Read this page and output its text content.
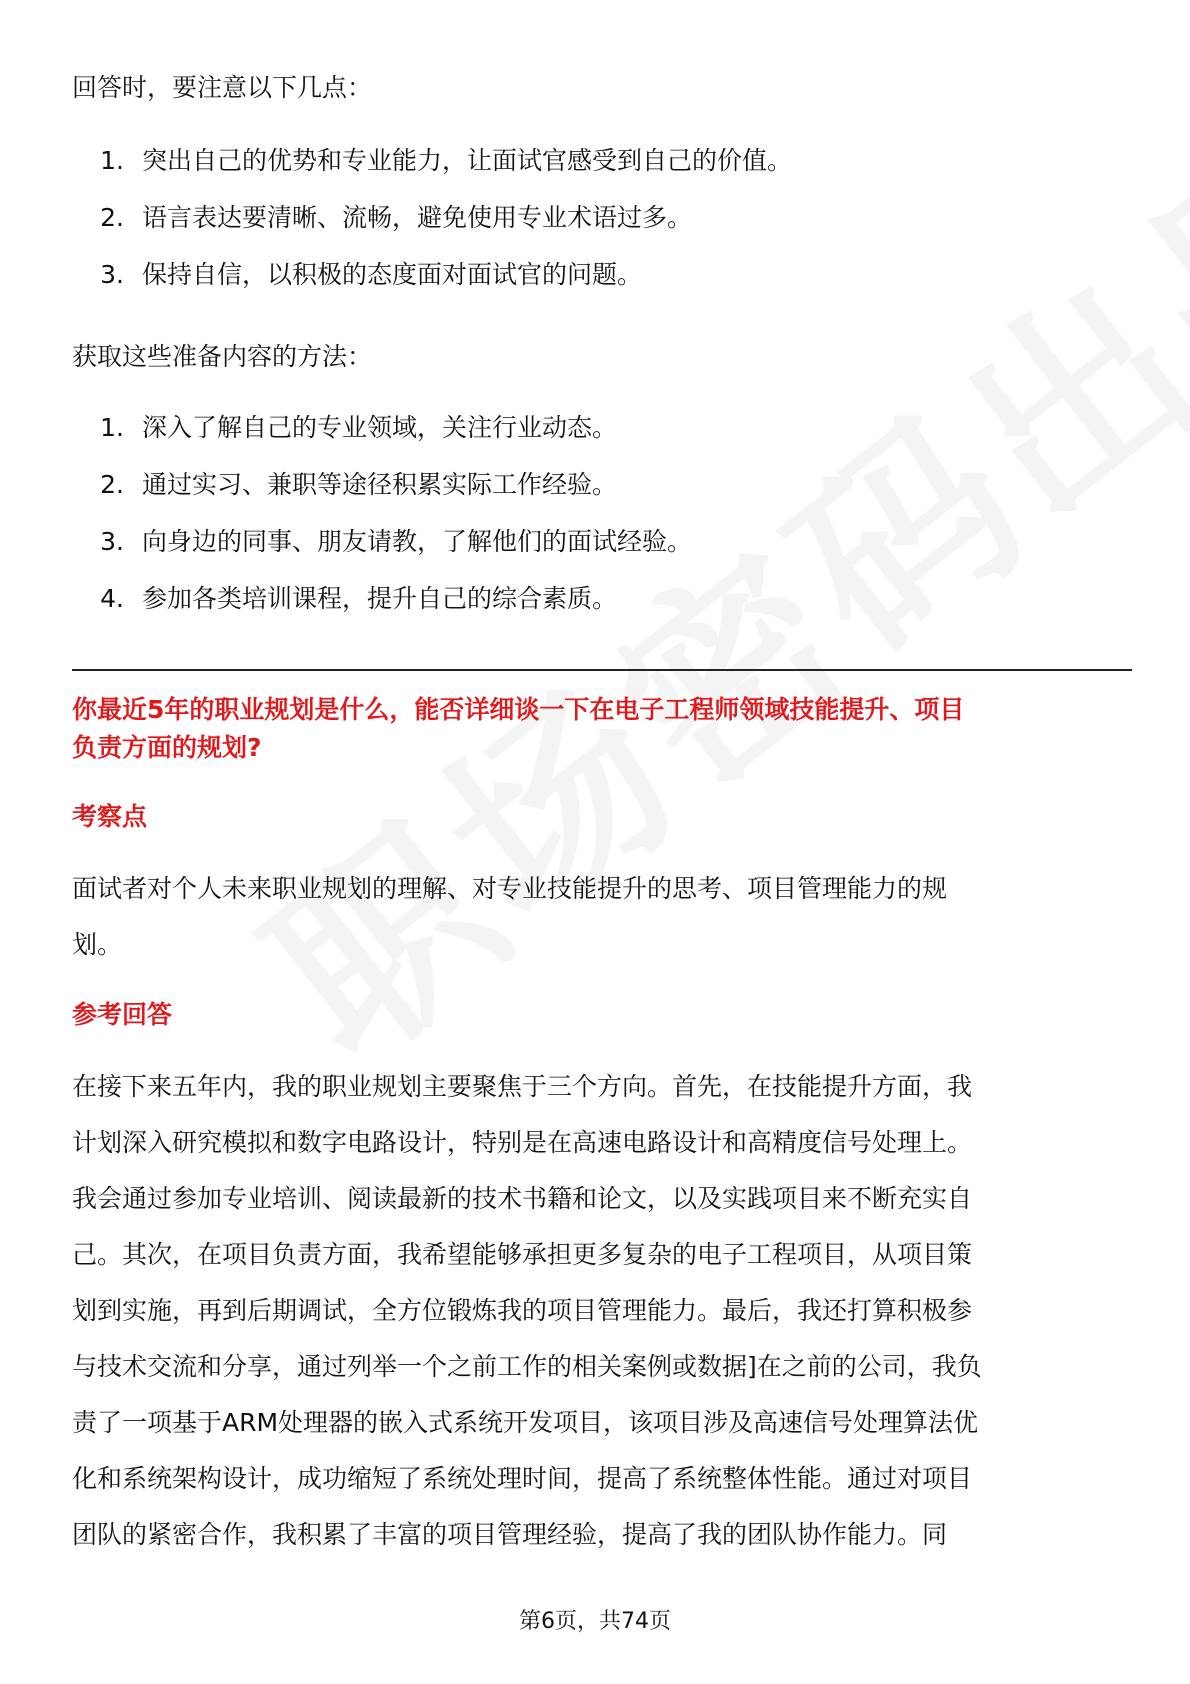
回答时，要注意以下几点：

1. 突出自己的优势和专业能力，让面试官感受到自己的价值。
2. 语言表达要清晰、流畅，避免使用专业术语过多。
3. 保持自信，以积极的态度面对面试官的问题。

获取这些准备内容的方法：

1. 深入了解自己的专业领域，关注行业动态。
2. 通过实习、兼职等途径积累实际工作经验。
3. 向身边的同事、朋友请教，了解他们的面试经验。
4. 参加各类培训课程，提升自己的综合素质。

你最近5年的职业规划是什么，能否详细谈一下在电子工程师领域技能提升、项目

负责方面的规划?

考察点

面试者对个人未来职业规划的理解、对专业技能提升的思考、项目管理能力的规

划。

参考回答

在接下来五年内，我的职业规划主要聚焦于三个方向。首先，在技能提升方面，我

计划深入研究模拟和数字电路设计，特别是在高速电路设计和高精度信号处理上。

我会通过参加专业培训、阅读最新的技术书籍和论文，以及实践项目来不断充实自

己。其次，在项目负责方面，我希望能够承担更多复杂的电子工程项目，从项目策

划到实施，再到后期调试，全方位锻炼我的项目管理能力。最后，我还打算积极参

与技术交流和分享，通过列举一个之前工作的相关案例或数据]在之前的公司，我负

责了一项基于ARM处理器的嵌入式系统开发项目，该项目涉及高速信号处理算法优

化和系统架构设计，成功缩短了系统处理时间，提高了系统整体性能。通过对项目

团队的紧密合作，我积累了丰富的项目管理经验，提高了我的团队协作能力。同

第6页，共74页
